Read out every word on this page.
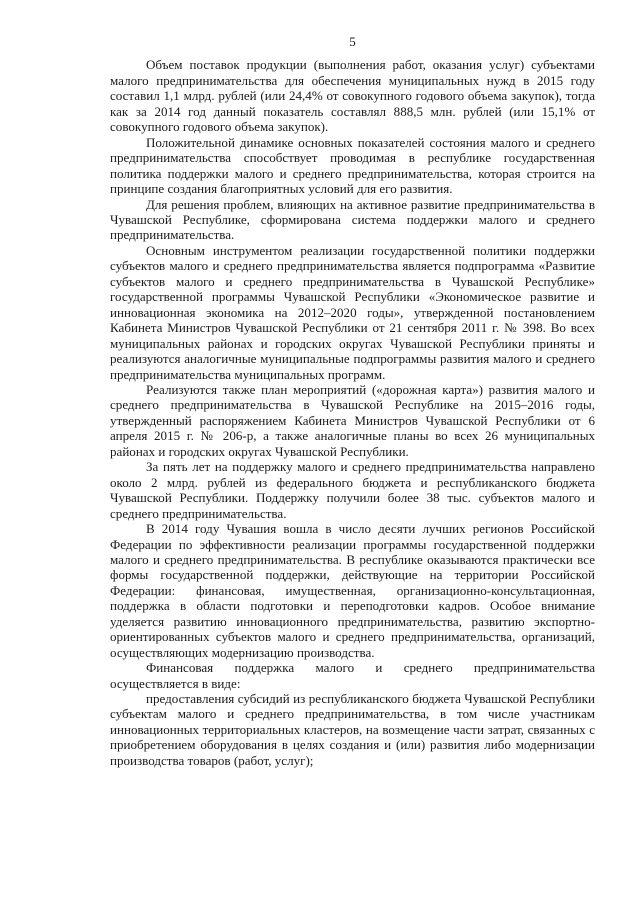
5

Объем поставок продукции (выполнения работ, оказания услуг) субъектами малого предпринимательства для обеспечения муниципальных нужд в 2015 году составил 1,1 млрд. рублей (или 24,4% от совокупного годового объема закупок), тогда как за 2014 год данный показатель составлял 888,5 млн. рублей (или 15,1% от совокупного годового объема закупок).

Положительной динамике основных показателей состояния малого и среднего предпринимательства способствует проводимая в республике государственная политика поддержки малого и среднего предпринимательства, которая строится на принципе создания благоприятных условий для его развития.

Для решения проблем, влияющих на активное развитие предпринимательства в Чувашской Республике, сформирована система поддержки малого и среднего предпринимательства.

Основным инструментом реализации государственной политики поддержки субъектов малого и среднего предпринимательства является подпрограмма «Развитие субъектов малого и среднего предпринимательства в Чувашской Республике» государственной программы Чувашской Республики «Экономическое развитие и инновационная экономика на 2012–2020 годы», утвержденной постановлением Кабинета Министров Чувашской Республики от 21 сентября 2011 г. № 398. Во всех муниципальных районах и городских округах Чувашской Республики приняты и реализуются аналогичные муниципальные подпрограммы развития малого и среднего предпринимательства муниципальных программ.

Реализуются также план мероприятий («дорожная карта») развития малого и среднего предпринимательства в Чувашской Республике на 2015–2016 годы, утвержденный распоряжением Кабинета Министров Чувашской Республики от 6 апреля 2015 г. № 206-р, а также аналогичные планы во всех 26 муниципальных районах и городских округах Чувашской Республики.

За пять лет на поддержку малого и среднего предпринимательства направлено около 2 млрд. рублей из федерального бюджета и республиканского бюджета Чувашской Республики. Поддержку получили более 38 тыс. субъектов малого и среднего предпринимательства.

В 2014 году Чувашия вошла в число десяти лучших регионов Российской Федерации по эффективности реализации программы государственной поддержки малого и среднего предпринимательства. В республике оказываются практически все формы государственной поддержки, действующие на территории Российской Федерации: финансовая, имущественная, организационно-консультационная, поддержка в области подготовки и переподготовки кадров. Особое внимание уделяется развитию инновационного предпринимательства, развитию экспортно-ориентированных субъектов малого и среднего предпринимательства, организаций, осуществляющих модернизацию производства.

Финансовая поддержка малого и среднего предпринимательства осуществляется в виде:

предоставления субсидий из республиканского бюджета Чувашской Республики субъектам малого и среднего предпринимательства, в том числе участникам инновационных территориальных кластеров, на возмещение части затрат, связанных с приобретением оборудования в целях создания и (или) развития либо модернизации производства товаров (работ, услуг);
